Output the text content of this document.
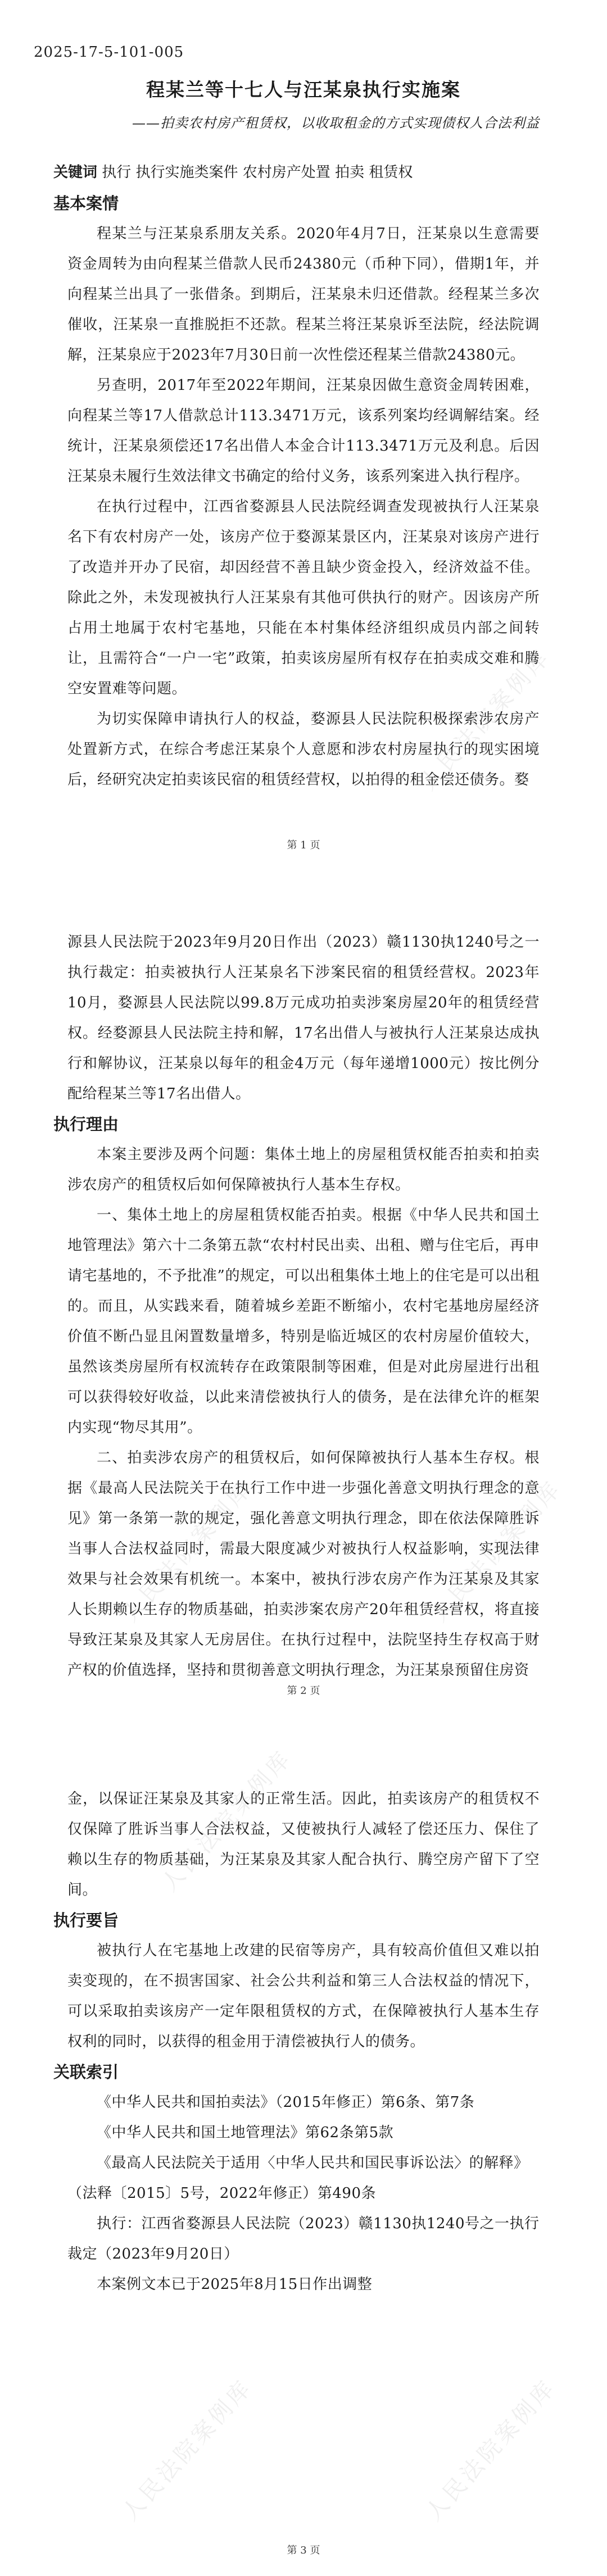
人民法院案例库
2025-17-5-101-005
程某兰等十七人与汪某泉执行实施案
——拍卖农村房产租赁权，以收取租金的方式实现债权人合法利益
关键词 执行 执行实施类案件 农村房产处置 拍卖 租赁权
基本案情

程某兰与汪某泉系朋友关系。2020年4月7日，汪某泉以生意需要资金周转为由向程某兰借款人民币24380元（币种下同），借期1年，并向程某兰出具了一张借条。到期后，汪某泉未归还借款。经程某兰多次催收，汪某泉一直推脱拒不还款。程某兰将汪某泉诉至法院，经法院调解，汪某泉应于2023年7月30日前一次性偿还程某兰借款24380元。

另查明，2017年至2022年期间，汪某泉因做生意资金周转困难，向程某兰等17人借款总计113.3471万元，该系列案均经调解结案。经统计，汪某泉须偿还17名出借人本金合计113.3471万元及利息。后因汪某泉未履行生效法律文书确定的给付义务，该系列案进入执行程序。

在执行过程中，江西省婺源县人民法院经调查发现被执行人汪某泉名下有农村房产一处，该房产位于婺源某景区内，汪某泉对该房产进行了改造并开办了民宿，却因经营不善且缺少资金投入，经济效益不佳。除此之外，未发现被执行人汪某泉有其他可供执行的财产。因该房产所占用土地属于农村宅基地，只能在本村集体经济组织成员内部之间转让，且需符合“一户一宅”政策，拍卖该房屋所有权存在拍卖成交难和腾空安置难等问题。

为切实保障申请执行人的权益，婺源县人民法院积极探索涉农房产处置新方式，在综合考虑汪某泉个人意愿和涉农村房屋执行的现实困境后，经研究决定拍卖该民宿的租赁经营权，以拍得的租金偿还债务。婺

第 1 页
人民法院案例库	人民法院案例库

源县人民法院于2023年9月20日作出（2023）赣1130执1240号之一执行裁定：拍卖被执行人汪某泉名下涉案民宿的租赁经营权。2023年10月，婺源县人民法院以99.8万元成功拍卖涉案房屋20年的租赁经营权。经婺源县人民法院主持和解，17名出借人与被执行人汪某泉达成执行和解协议，汪某泉以每年的租金4万元（每年递增1000元）按比例分配给程某兰等17名出借人。

执行理由

本案主要涉及两个问题：集体土地上的房屋租赁权能否拍卖和拍卖涉农房产的租赁权后如何保障被执行人基本生存权。

一、集体土地上的房屋租赁权能否拍卖。根据《中华人民共和国土地管理法》第六十二条第五款“农村村民出卖、出租、赠与住宅后，再申请宅基地的，不予批准”的规定，可以出租集体土地上的住宅是可以出租的。而且，从实践来看，随着城乡差距不断缩小，农村宅基地房屋经济价值不断凸显且闲置数量增多，特别是临近城区的农村房屋价值较大，虽然该类房屋所有权流转存在政策限制等困难，但是对此房屋进行出租可以获得较好收益，以此来清偿被执行人的债务，是在法律允许的框架内实现“物尽其用”。

二、拍卖涉农房产的租赁权后，如何保障被执行人基本生存权。根据《最高人民法院关于在执行工作中进一步强化善意文明执行理念的意见》第一条第一款的规定，强化善意文明执行理念，即在依法保障胜诉当事人合法权益同时，需最大限度减少对被执行人权益影响，实现法律效果与社会效果有机统一。本案中，被执行涉农房产作为汪某泉及其家人长期赖以生存的物质基础，拍卖涉案农房产20年租赁经营权，将直接导致汪某泉及其家人无房居住。在执行过程中，法院坚持生存权高于财产权的价值选择，坚持和贯彻善意文明执行理念，为汪某泉预留住房资

第 2 页
人民法院案例库
人民法院案例库	人民法院案例库

金，以保证汪某泉及其家人的正常生活。因此，拍卖该房产的租赁权不仅保障了胜诉当事人合法权益，又使被执行人减轻了偿还压力、保住了赖以生存的物质基础，为汪某泉及其家人配合执行、腾空房产留下了空间。

执行要旨

被执行人在宅基地上改建的民宿等房产，具有较高价值但又难以拍卖变现的，在不损害国家、社会公共利益和第三人合法权益的情况下，可以采取拍卖该房产一定年限租赁权的方式，在保障被执行人基本生存权利的同时，以获得的租金用于清偿被执行人的债务。

关联索引

《中华人民共和国拍卖法》（2015年修正）第6条、第7条

《中华人民共和国土地管理法》第62条第5款

《最高人民法院关于适用〈中华人民共和国民事诉讼法〉的解释》（法释〔2015〕5号，2022年修正）第490条

执行：江西省婺源县人民法院（2023）赣1130执1240号之一执行裁定（2023年9月20日）

本案例文本已于2025年8月15日作出调整

第 3 页
